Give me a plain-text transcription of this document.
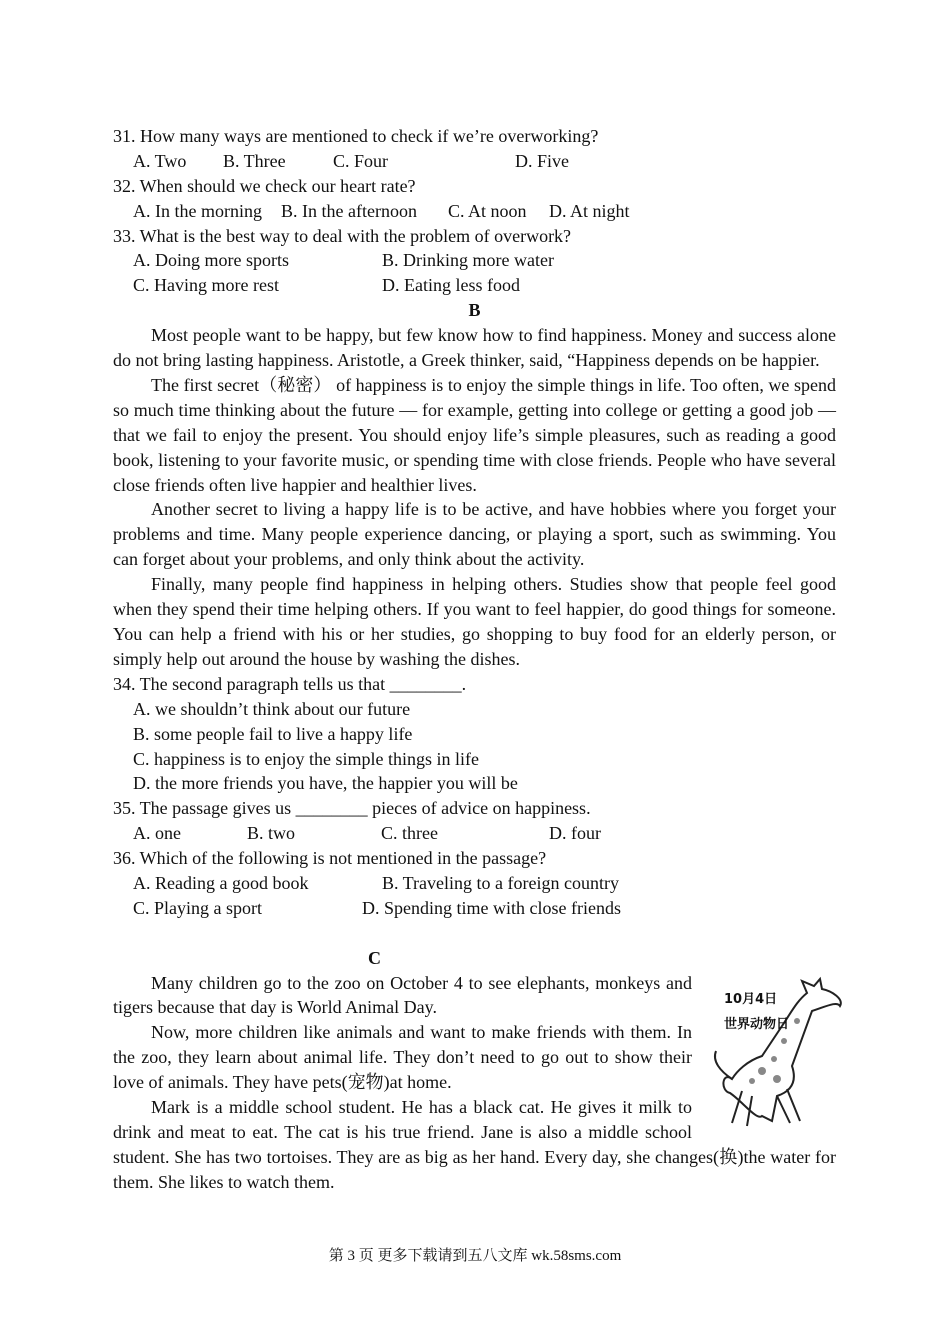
31. How many ways are mentioned to check if we’re overworking?
A. Two B. Three	C. Four	D. Five
32. When should we check our heart rate?
A. In the morning B. In the afternoon C. At noon D. At night
33. What is the best way to deal with the problem of overwork?
A. Doing more sports	B. Drinking more water
C. Having more rest	D. Eating less food
B
Most people want to be happy, but few know how to find happiness. Money and success alone do not bring lasting happiness. Aristotle, a Greek thinker, said, “Happiness depends on be happier.
The first secret（秘密） of happiness is to enjoy the simple things in life. Too often, we spend so much time thinking about the future — for example, getting into college or getting a good job — that we fail to enjoy the present. You should enjoy life’s simple pleasures, such as reading a good book, listening to your favorite music, or spending time with close friends. People who have several close friends often live happier and healthier lives.
Another secret to living a happy life is to be active, and have hobbies where you forget your problems and time. Many people experience dancing, or playing a sport, such as swimming. You can forget about your problems, and only think about the activity.
Finally, many people find happiness in helping others. Studies show that people feel good when they spend their time helping others. If you want to feel happier, do good things for someone. You can help a friend with his or her studies, go shopping to buy food for an elderly person, or simply help out around the house by washing the dishes.
34. The second paragraph tells us that ________.
A. we shouldn’t think about our future
B. some people fail to live a happy life
C. happiness is to enjoy the simple things in life
D. the more friends you have, the happier you will be
35. The passage gives us ________ pieces of advice on happiness.
A. one	B. two	C. three	D. four
36. Which of the following is not mentioned in the passage?
A. Reading a good book	B. Traveling to a foreign country
C. Playing a sport	D. Spending time with close friends
C
10月4日
世界动物日
Many children go to the zoo on October 4 to see elephants, monkeys and tigers because that day is World Animal Day.
Now, more children like animals and want to make friends with them. In the zoo, they learn about animal life. They don’t need to go out to show their love of animals. They have pets(宠物)at home.
Mark is a middle school student. He has a black cat. He gives it milk to drink and meat to eat. The cat is his true friend. Jane is also a middle school student. She has two tortoises. They are as big as her hand. Every day, she changes(换)the water for them. She likes to watch them.
第 3 页 更多下载请到五八文库 wk.58sms.com
